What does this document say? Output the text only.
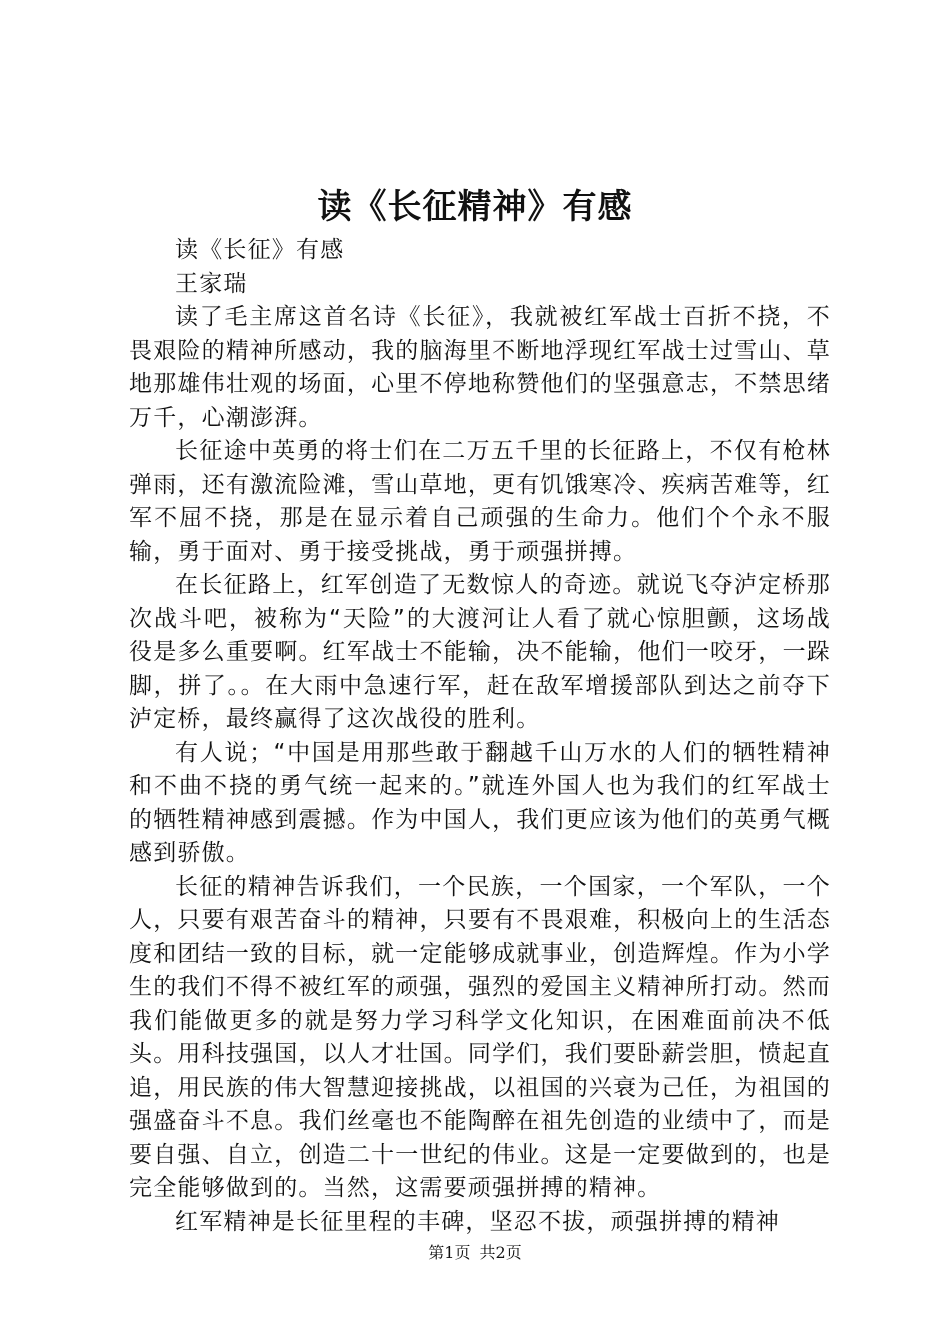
读《长征精神》有感

读《长征》有感

王家瑞

读了毛主席这首名诗《长征》，我就被红军战士百折不挠，不畏艰险的精神所感动，我的脑海里不断地浮现红军战士过雪山、草地那雄伟壮观的场面，心里不停地称赞他们的坚强意志，不禁思绪万千，心潮澎湃。

长征途中英勇的将士们在二万五千里的长征路上，不仅有枪林弹雨，还有激流险滩，雪山草地，更有饥饿寒冷、疾病苦难等，红军不屈不挠，那是在显示着自己顽强的生命力。他们个个永不服输，勇于面对、勇于接受挑战，勇于顽强拼搏。

在长征路上，红军创造了无数惊人的奇迹。就说飞夺泸定桥那次战斗吧，被称为“天险”的大渡河让人看了就心惊胆颤，这场战役是多么重要啊。红军战士不能输，决不能输，他们一咬牙，一跺脚，拼了。。在大雨中急速行军，赶在敌军增援部队到达之前夺下泸定桥，最终赢得了这次战役的胜利。

有人说；“中国是用那些敢于翻越千山万水的人们的牺牲精神和不曲不挠的勇气统一起来的。”就连外国人也为我们的红军战士的牺牲精神感到震撼。作为中国人，我们更应该为他们的英勇气概感到骄傲。

长征的精神告诉我们，一个民族，一个国家，一个军队，一个人，只要有艰苦奋斗的精神，只要有不畏艰难，积极向上的生活态度和团结一致的目标，就一定能够成就事业，创造辉煌。作为小学生的我们不得不被红军的顽强，强烈的爱国主义精神所打动。然而我们能做更多的就是努力学习科学文化知识，在困难面前决不低头。用科技强国，以人才壮国。同学们，我们要卧薪尝胆，愤起直追，用民族的伟大智慧迎接挑战，以祖国的兴衰为己任，为祖国的强盛奋斗不息。我们丝毫也不能陶醉在祖先创造的业绩中了，而是要自强、自立，创造二十一世纪的伟业。这是一定要做到的，也是完全能够做到的。当然，这需要顽强拼搏的精神。

红军精神是长征里程的丰碑，坚忍不拔，顽强拼搏的精神

第1页 共2页
